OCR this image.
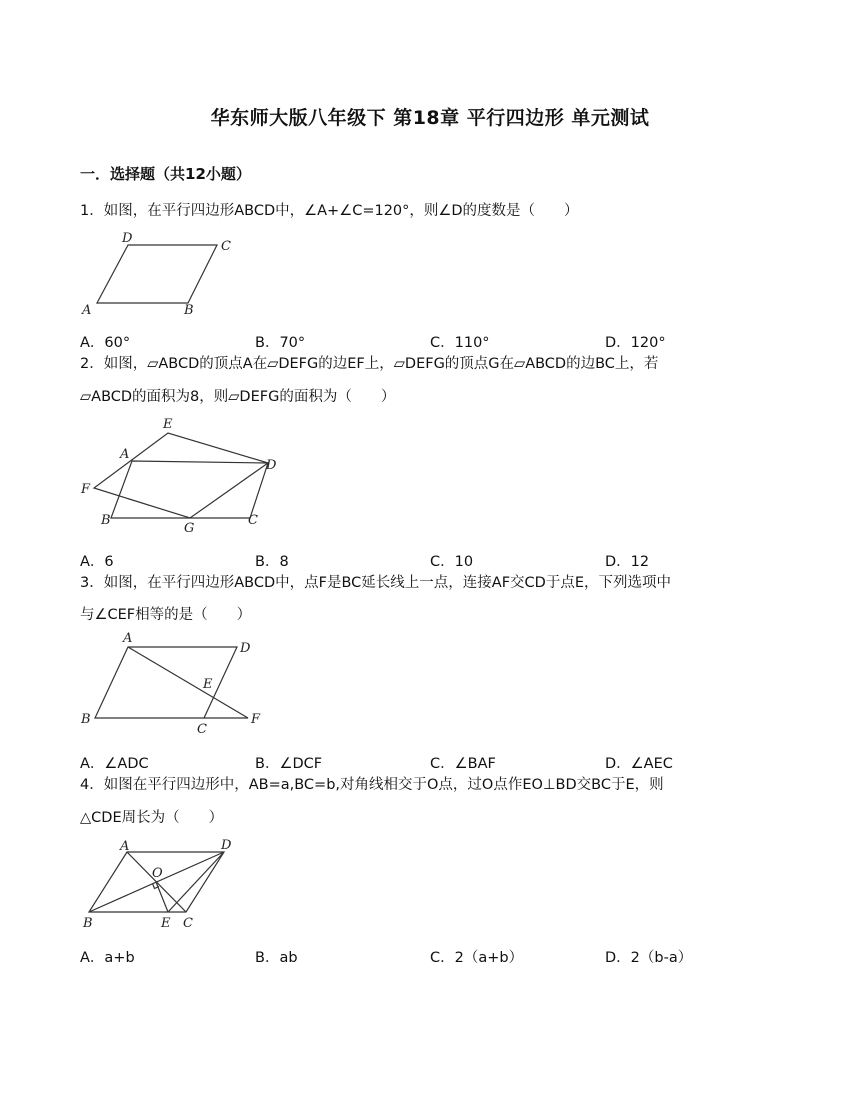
华东师大版八年级下 第18章 平行四边形 单元测试
一．选择题（共12小题）
1．如图，在平行四边形ABCD中，∠A+∠C=120°，则∠D的度数是（　　）
A	B
C
D
A．60°	B．70°	C．110°	D．120°
2．如图，▱ABCD的顶点A在▱DEFG的边EF上，▱DEFG的顶点G在▱ABCD的边BC上，若
▱ABCD的面积为8，则▱DEFG的面积为（　　）
A
B	C
D
E
F
G
A．6	B．8	C．10	D．12
3．如图，在平行四边形ABCD中，点F是BC延长线上一点，连接AF交CD于点E，下列选项中
与∠CEF相等的是（　　）
A
B
C
D
E
F
A．∠ADC	B．∠DCF	C．∠BAF	D．∠AEC
4．如图在平行四边形中，AB=a,BC=b,对角线相交于O点，过O点作EO⊥BD交BC于E，则
△CDE周长为（　　）
A
B	C
D
E
O
A．a+b	B．ab	C．2（a+b）	D．2（b-a）
